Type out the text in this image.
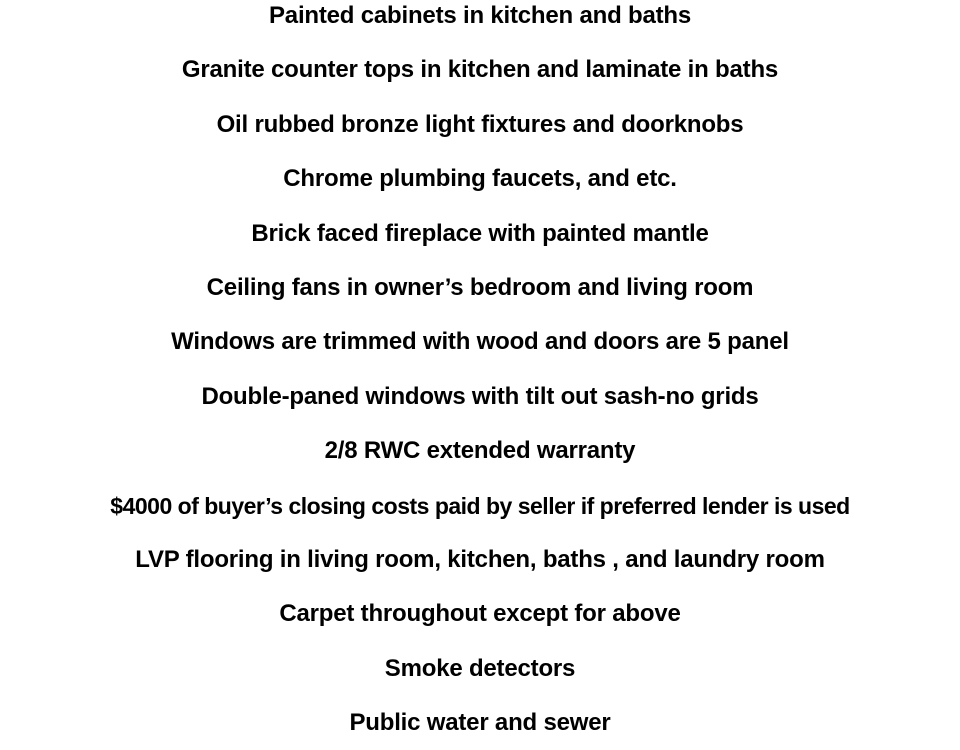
Painted cabinets in kitchen and baths
Granite counter tops in kitchen and laminate in baths
Oil rubbed bronze light fixtures and doorknobs
Chrome plumbing faucets, and etc.
Brick faced fireplace with painted mantle
Ceiling fans in owner’s bedroom and living room
Windows are trimmed with wood and doors are 5 panel
Double-paned windows with tilt out sash-no grids
2/8 RWC extended warranty
$4000 of buyer’s closing costs paid by seller if preferred lender is used
LVP flooring in living room, kitchen, baths , and laundry room
Carpet throughout except for above
Smoke detectors
Public water and sewer
